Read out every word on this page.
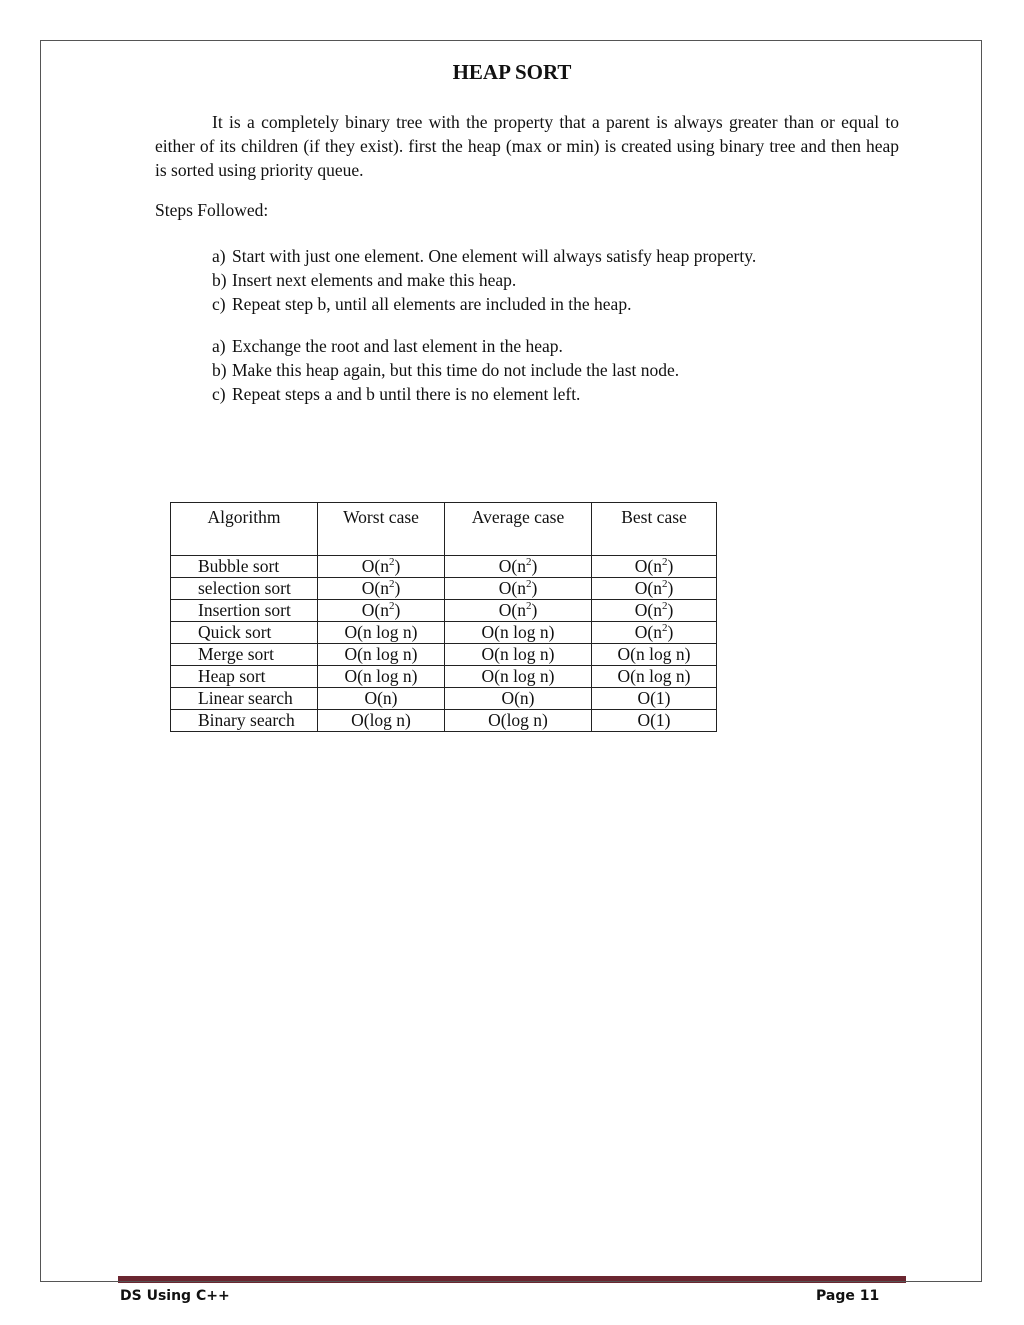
HEAP SORT

It is a completely binary tree with the property that a parent is always greater than or equal to either of its children (if they exist). first the heap (max or min) is created using binary tree and then heap is sorted using priority queue.

Steps Followed:
a) Start with just one element. One element will always satisfy heap property.
b) Insert next elements and make this heap.
c) Repeat step b, until all elements are included in the heap.
a) Exchange the root and last element in the heap.
b) Make this heap again, but this time do not include the last node.
c) Repeat steps a and b until there is no element left.
Algorithm	Worst case	Average case	Best case
Bubble sort	$O(n^2)$	$O(n^2)$	$O(n^2)$
selection sort	$O(n^2)$	$O(n^2)$	$O(n^2)$
Insertion sort	$O(n^2)$	$O(n^2)$	$O(n^2)$
Quick sort	O(n log n)	O(n log n)	$O(n^2)$
Merge sort	O(n log n)	O(n log n)	O(n log n)
Heap sort	O(n log n)	O(n log n)	O(n log n)
Linear search	O(n)	O(n)	O(1)
Binary search	O(log n)	O(log n)	O(1)
DS Using C++	Page 11
